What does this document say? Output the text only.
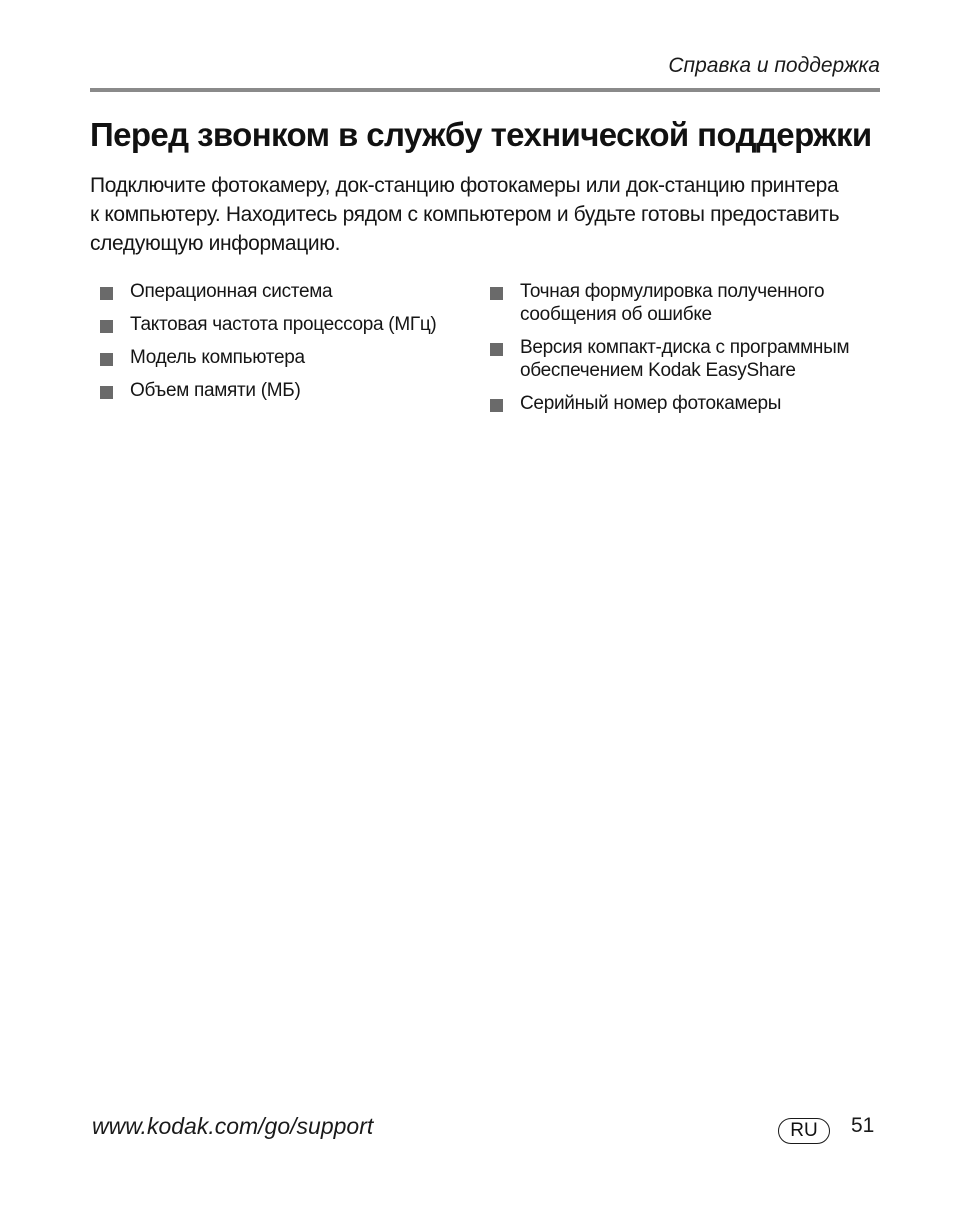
Справка и поддержка
Перед звонком в службу технической поддержки

Подключите фотокамеру, док-станцию фотокамеры или док-станцию принтера
к компьютеру. Находитесь рядом с компьютером и будьте готовы предоставить
следующую информацию.

Операционная система
Тактовая частота процессора (МГц)
Модель компьютера
Объем памяти (МБ)
Точная формулировка полученного
сообщения об ошибке
Версия компакт-диска с программным
обеспечением Kodak EasyShare
Серийный номер фотокамеры
www.kodak.com/go/support	RU	51
